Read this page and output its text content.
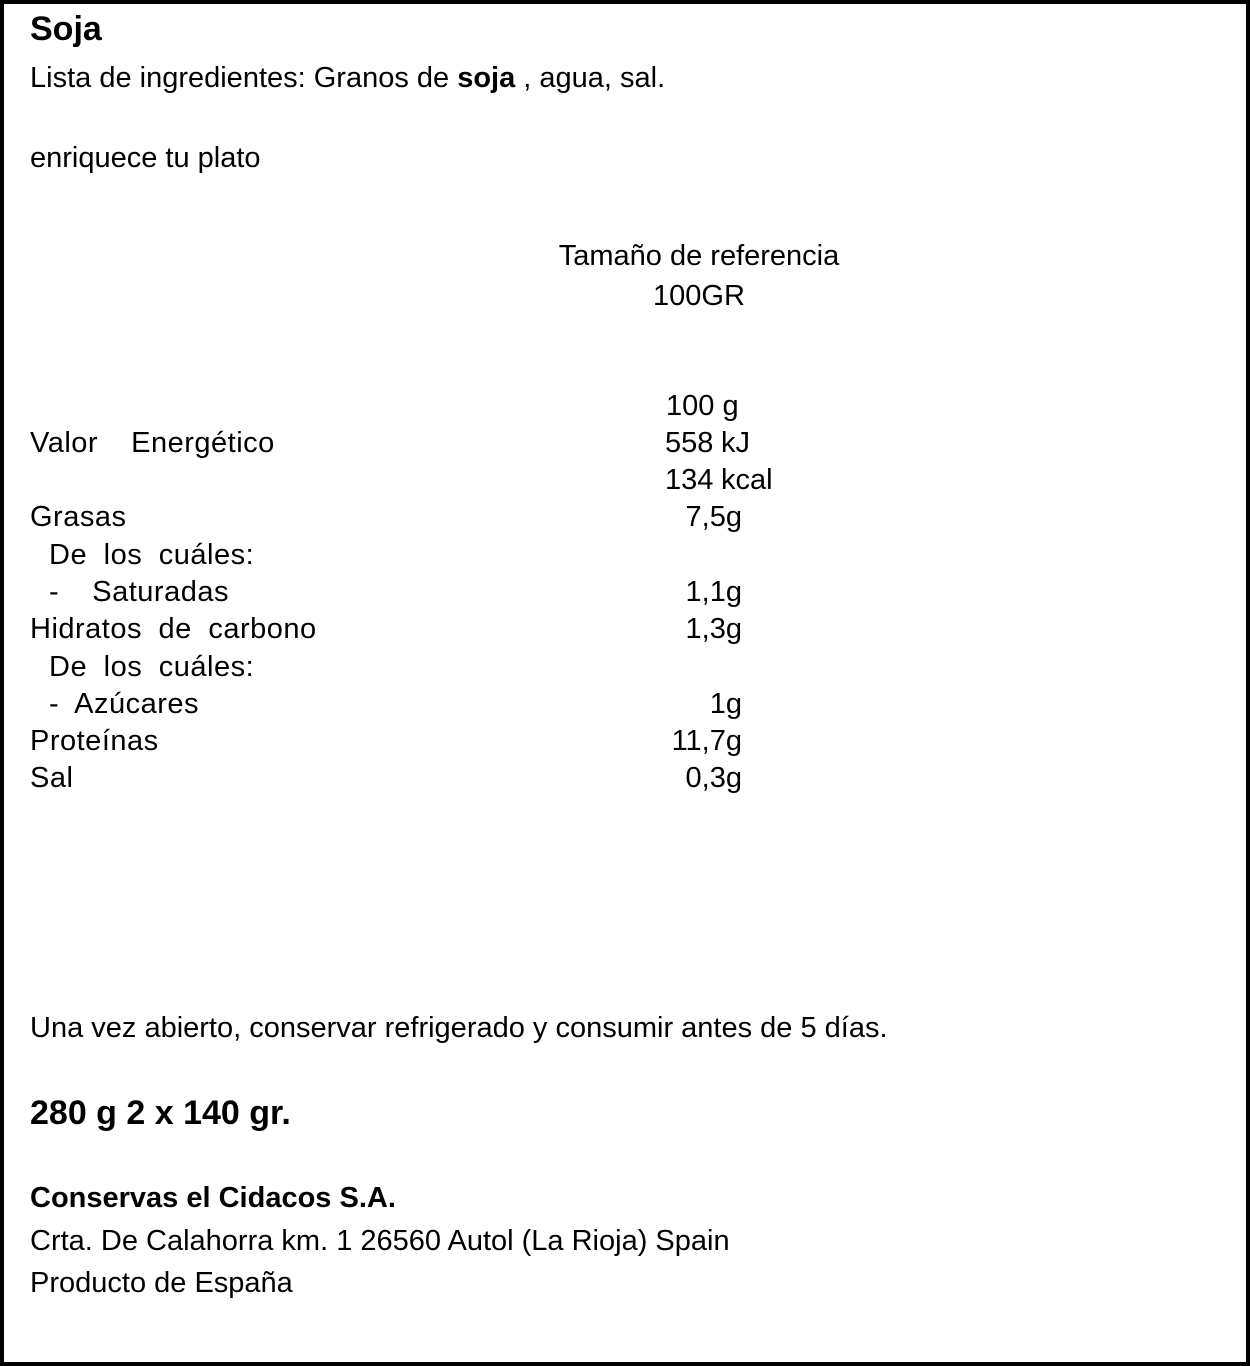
Soja
Lista de ingredientes: Granos de soja , agua, sal.
enriquece tu plato
Tamaño de referencia
100GR
100 g
Valor  Energético	558 kJ
134 kcal
Grasas	7,5g
De los cuáles:
-  Saturadas	1,1g
Hidratos de carbono	1,3g
De los cuáles:
- Azúcares	1g
Proteínas	11,7g
Sal	0,3g
Una vez abierto, conservar refrigerado y consumir antes de 5 días.
280 g 2 x 140 gr.
Conservas el Cidacos S.A.
Crta. De Calahorra km. 1 26560 Autol (La Rioja) Spain
Producto de España
